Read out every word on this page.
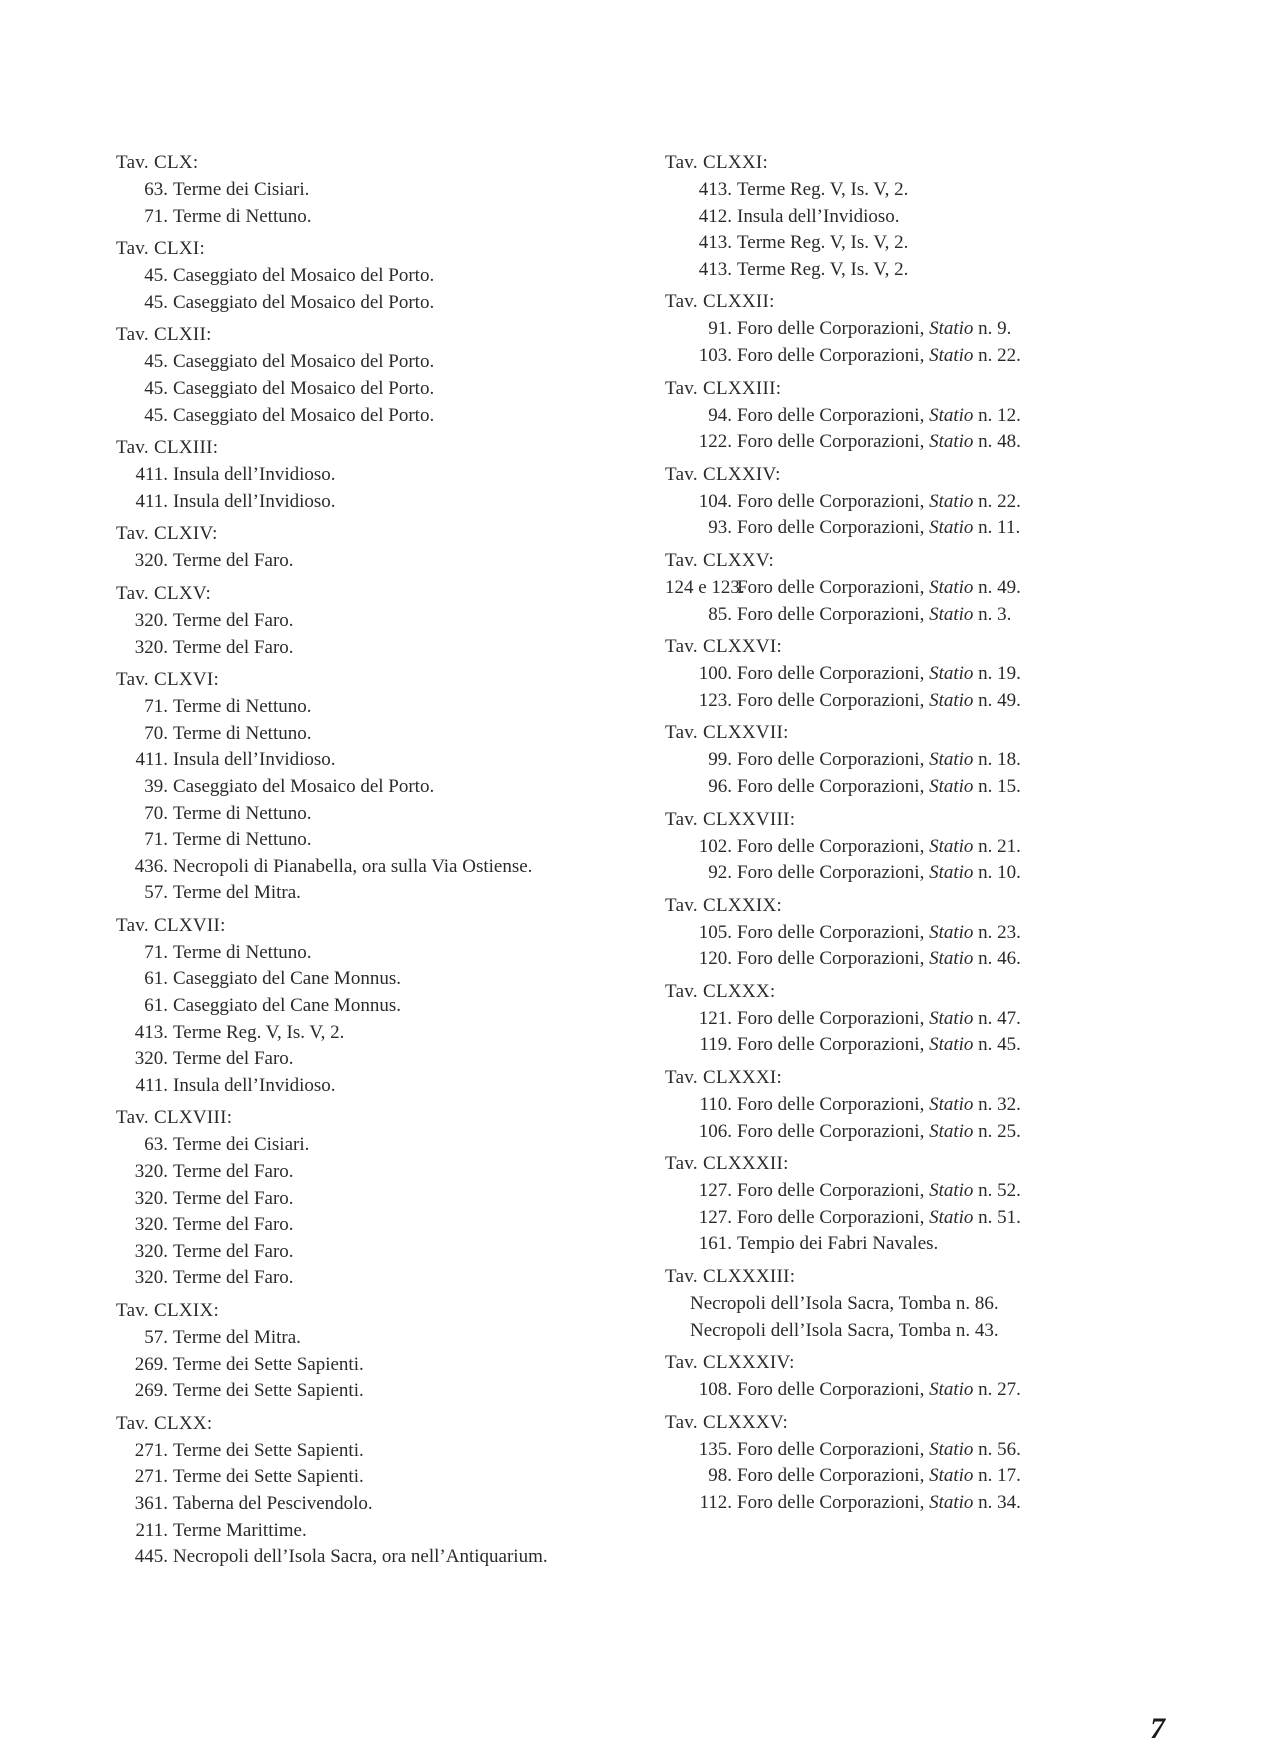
Tav. CLX:
63. Terme dei Cisiari.
71. Terme di Nettuno.
Tav. CLXI:
45. Caseggiato del Mosaico del Porto.
45. Caseggiato del Mosaico del Porto.
Tav. CLXII:
45. Caseggiato del Mosaico del Porto.
45. Caseggiato del Mosaico del Porto.
45. Caseggiato del Mosaico del Porto.
Tav. CLXIII:
411. Insula dell’Invidioso.
411. Insula dell’Invidioso.
Tav. CLXIV:
320. Terme del Faro.
Tav. CLXV:
320. Terme del Faro.
320. Terme del Faro.
Tav. CLXVI:
71. Terme di Nettuno.
70. Terme di Nettuno.
411. Insula dell’Invidioso.
39. Caseggiato del Mosaico del Porto.
70. Terme di Nettuno.
71. Terme di Nettuno.
436. Necropoli di Pianabella, ora sulla Via Ostiense.
57. Terme del Mitra.
Tav. CLXVII:
71. Terme di Nettuno.
61. Caseggiato del Cane Monnus.
61. Caseggiato del Cane Monnus.
413. Terme Reg. V, Is. V, 2.
320. Terme del Faro.
411. Insula dell’Invidioso.
Tav. CLXVIII:
63. Terme dei Cisiari.
320. Terme del Faro.
320. Terme del Faro.
320. Terme del Faro.
320. Terme del Faro.
320. Terme del Faro.
Tav. CLXIX:
57. Terme del Mitra.
269. Terme dei Sette Sapienti.
269. Terme dei Sette Sapienti.
Tav. CLXX:
271. Terme dei Sette Sapienti.
271. Terme dei Sette Sapienti.
361. Taberna del Pescivendolo.
211. Terme Marittime.
445. Necropoli dell’Isola Sacra, ora nell’Antiquarium.
Tav. CLXXI:
413. Terme Reg. V, Is. V, 2.
412. Insula dell’Invidioso.
413. Terme Reg. V, Is. V, 2.
413. Terme Reg. V, Is. V, 2.
Tav. CLXXII:
91. Foro delle Corporazioni, Statio n. 9.
103. Foro delle Corporazioni, Statio n. 22.
Tav. CLXXIII:
94. Foro delle Corporazioni, Statio n. 12.
122. Foro delle Corporazioni, Statio n. 48.
Tav. CLXXIV:
104. Foro delle Corporazioni, Statio n. 22.
93. Foro delle Corporazioni, Statio n. 11.
Tav. CLXXV:
124 e 123.
Foro delle Corporazioni, Statio n. 49.
85. Foro delle Corporazioni, Statio n. 3.
Tav. CLXXVI:
100. Foro delle Corporazioni, Statio n. 19.
123. Foro delle Corporazioni, Statio n. 49.
Tav. CLXXVII:
99. Foro delle Corporazioni, Statio n. 18.
96. Foro delle Corporazioni, Statio n. 15.
Tav. CLXXVIII:
102. Foro delle Corporazioni, Statio n. 21.
92. Foro delle Corporazioni, Statio n. 10.
Tav. CLXXIX:
105. Foro delle Corporazioni, Statio n. 23.
120. Foro delle Corporazioni, Statio n. 46.
Tav. CLXXX:
121. Foro delle Corporazioni, Statio n. 47.
119. Foro delle Corporazioni, Statio n. 45.
Tav. CLXXXI:
110. Foro delle Corporazioni, Statio n. 32.
106. Foro delle Corporazioni, Statio n. 25.
Tav. CLXXXII:
127. Foro delle Corporazioni, Statio n. 52.
127. Foro delle Corporazioni, Statio n. 51.
161. Tempio dei Fabri Navales.
Tav. CLXXXIII:
Necropoli dell’Isola Sacra, Tomba n. 86.
Necropoli dell’Isola Sacra, Tomba n. 43.
Tav. CLXXXIV:
108. Foro delle Corporazioni, Statio n. 27.
Tav. CLXXXV:
135. Foro delle Corporazioni, Statio n. 56.
98. Foro delle Corporazioni, Statio n. 17.
112. Foro delle Corporazioni, Statio n. 34.
7
